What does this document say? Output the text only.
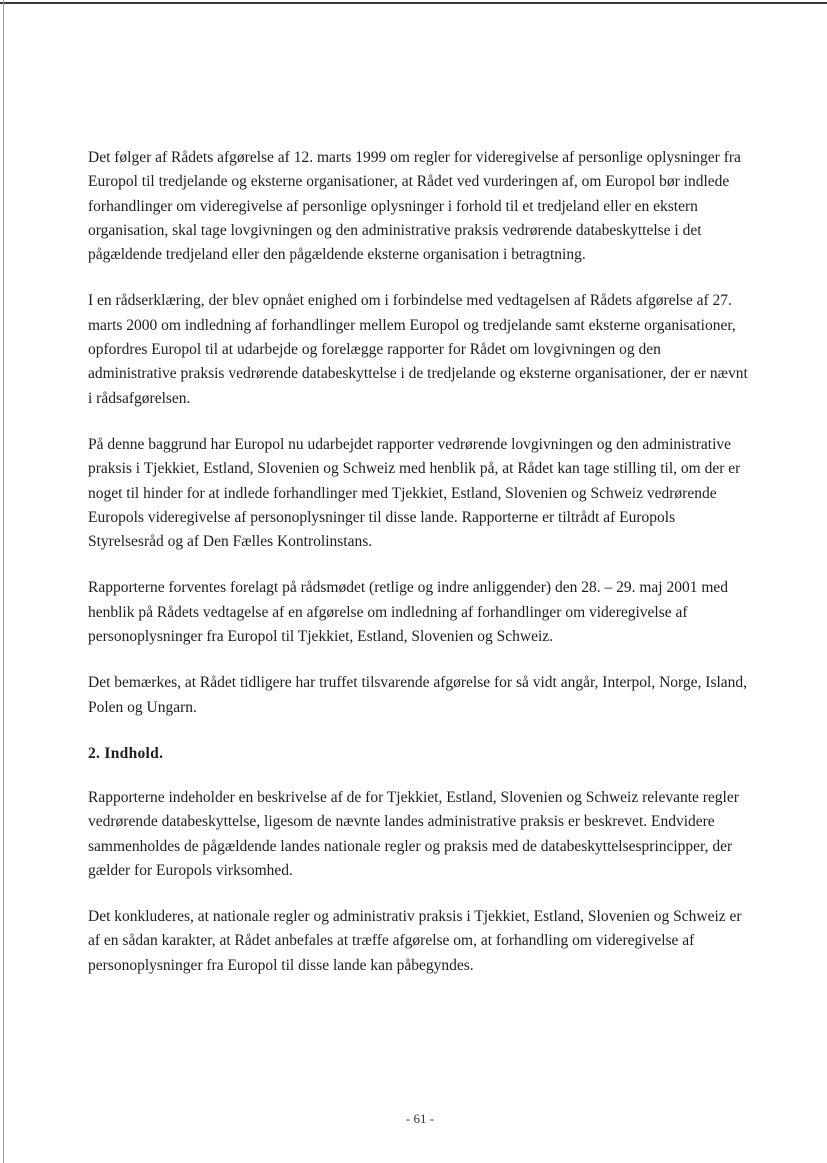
Det følger af Rådets afgørelse af 12. marts 1999 om regler for videregivelse af personlige oplysninger fra Europol til tredjelande og eksterne organisationer, at Rådet ved vurderingen af, om Europol bør indlede forhandlinger om videregivelse af personlige oplysninger i forhold til et tredjeland eller en ekstern organisation, skal tage lovgivningen og den administrative praksis vedrørende databeskyttelse i det pågældende tredjeland eller den pågældende eksterne organisation i betragtning.

I en rådserklæring, der blev opnået enighed om i forbindelse med vedtagelsen af Rådets afgørelse af 27. marts 2000 om indledning af forhandlinger mellem Europol og tredjelande samt eksterne organisationer, opfordres Europol til at udarbejde og forelægge rapporter for Rådet om lovgivningen og den administrative praksis vedrørende databeskyttelse i de tredjelande og eksterne organisationer, der er nævnt i rådsafgørelsen.

På denne baggrund har Europol nu udarbejdet rapporter vedrørende lovgivningen og den administrative praksis i Tjekkiet, Estland, Slovenien og Schweiz med henblik på, at Rådet kan tage stilling til, om der er noget til hinder for at indlede forhandlinger med Tjekkiet, Estland, Slovenien og Schweiz vedrørende Europols videregivelse af personoplysninger til disse lande. Rapporterne er tiltrådt af Europols Styrelsesråd og af Den Fælles Kontrolinstans.

Rapporterne forventes forelagt på rådsmødet (retlige og indre anliggender) den 28. – 29. maj 2001 med henblik på Rådets vedtagelse af en afgørelse om indledning af forhandlinger om videregivelse af personoplysninger fra Europol til Tjekkiet, Estland, Slovenien og Schweiz.

Det bemærkes, at Rådet tidligere har truffet tilsvarende afgørelse for så vidt angår, Interpol, Norge, Island, Polen og Ungarn.

2. Indhold.

Rapporterne indeholder en beskrivelse af de for Tjekkiet, Estland, Slovenien og Schweiz relevante regler vedrørende databeskyttelse, ligesom de nævnte landes administrative praksis er beskrevet. Endvidere sammenholdes de pågældende landes nationale regler og praksis med de databeskyttelsesprincipper, der gælder for Europols virksomhed.

Det konkluderes, at nationale regler og administrativ praksis i Tjekkiet, Estland, Slovenien og Schweiz er af en sådan karakter, at Rådet anbefales at træffe afgørelse om, at forhandling om videregivelse af personoplysninger fra Europol til disse lande kan påbegyndes.

- 61 -
